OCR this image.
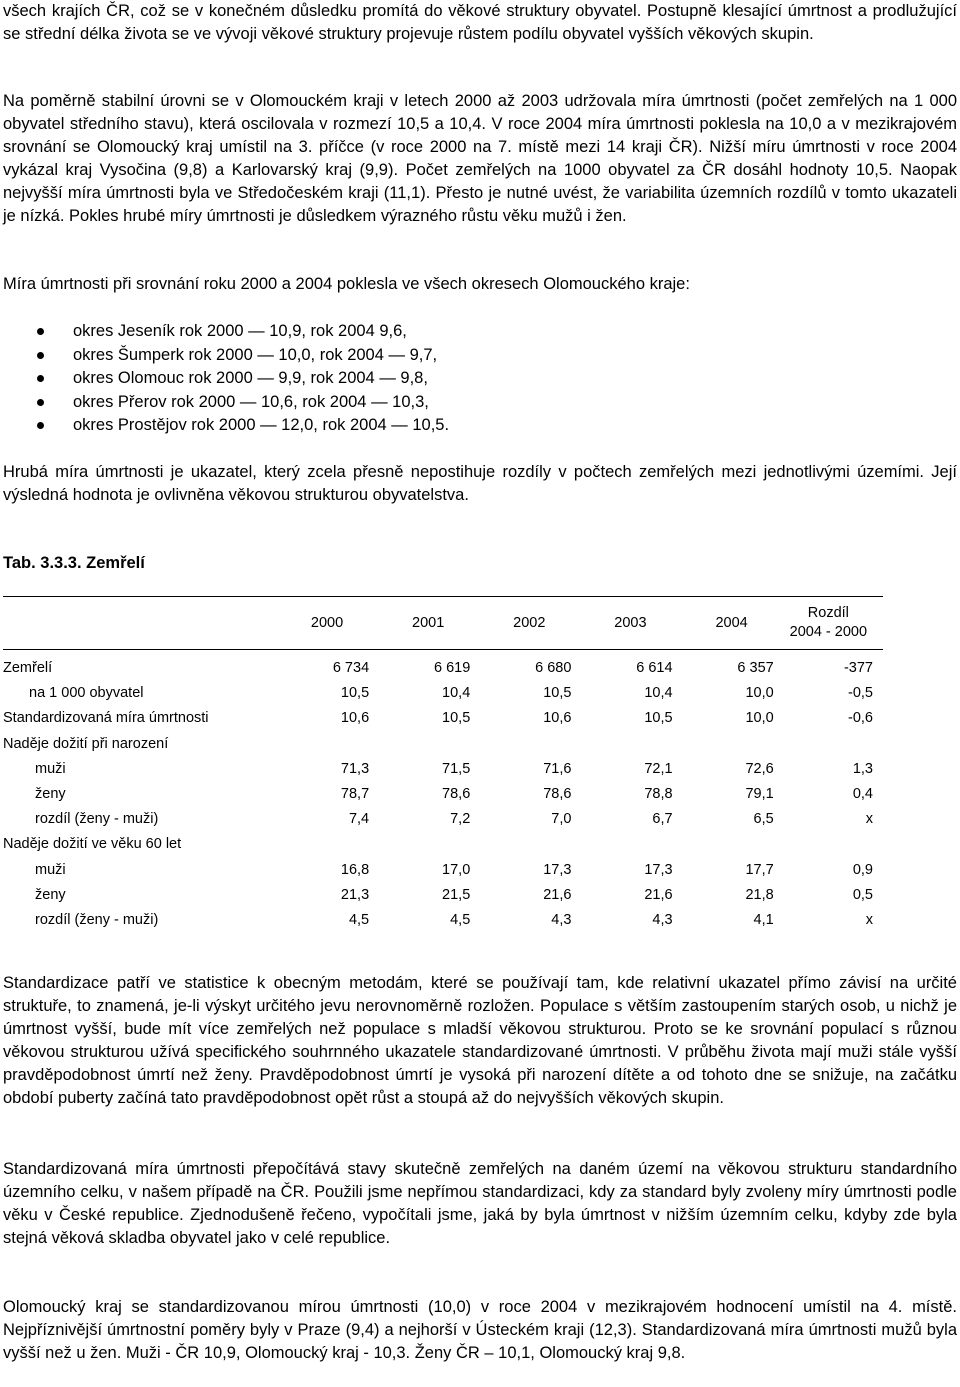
všech krajích ČR, což se v konečném důsledku promítá do věkové struktury obyvatel. Postupně klesající úmrtnost a prodlužující se střední délka života se ve vývoji věkové struktury projevuje růstem podílu obyvatel vyšších věkových skupin.

Na poměrně stabilní úrovni se v Olomouckém kraji v letech 2000 až 2003 udržovala míra úmrtnosti (počet zemřelých na 1 000 obyvatel středního stavu), která oscilovala v rozmezí 10,5 a 10,4. V roce 2004 míra úmrtnosti poklesla na 10,0 a v mezikrajovém srovnání se Olomoucký kraj umístil na 3. příčce (v roce 2000 na 7. místě mezi 14 kraji ČR). Nižší míru úmrtnosti v roce 2004 vykázal kraj Vysočina (9,8) a Karlovarský kraj (9,9). Počet zemřelých na 1000 obyvatel za ČR dosáhl hodnoty 10,5. Naopak nejvyšší míra úmrtnosti byla ve Středočeském kraji (11,1). Přesto je nutné uvést, že variabilita územních rozdílů v tomto ukazateli je nízká. Pokles hrubé míry úmrtnosti je důsledkem výrazného růstu věku mužů i žen.

Míra úmrtnosti při srovnání roku 2000 a 2004 poklesla ve všech okresech Olomouckého kraje:

okres Jeseník rok 2000 — 10,9, rok 2004 9,6,
okres Šumperk rok 2000 — 10,0, rok 2004 — 9,7,
okres Olomouc rok 2000 — 9,9, rok 2004 — 9,8,
okres Přerov rok 2000 — 10,6, rok 2004 — 10,3,
okres Prostějov rok 2000 — 12,0, rok 2004 — 10,5.

Hrubá míra úmrtnosti je ukazatel, který zcela přesně nepostihuje rozdíly v počtech zemřelých mezi jednotlivými územími. Její výsledná hodnota je ovlivněna věkovou strukturou obyvatelstva.

Tab. 3.3.3. Zemřelí
	2000	2001	2002	2003	2004	Rozdíl
2004 - 2000

Zemřelí	6 734	6 619	6 680	6 614	6 357	-377
na 1 000 obyvatel	10,5	10,4	10,5	10,4	10,0	-0,5
Standardizovaná míra úmrtnosti	10,6	10,5	10,6	10,5	10,0	-0,6
Naděje dožití při narození						
muži	71,3	71,5	71,6	72,1	72,6	1,3
ženy	78,7	78,6	78,6	78,8	79,1	0,4
rozdíl (ženy - muži)	7,4	7,2	7,0	6,7	6,5	x
Naděje dožití ve věku 60 let						
muži	16,8	17,0	17,3	17,3	17,7	0,9
ženy	21,3	21,5	21,6	21,6	21,8	0,5
rozdíl (ženy - muži)	4,5	4,5	4,3	4,3	4,1	x

Standardizace patří ve statistice k obecným metodám, které se používají tam, kde relativní ukazatel přímo závisí na určité struktuře, to znamená, je-li výskyt určitého jevu nerovnoměrně rozložen. Populace s větším zastoupením starých osob, u nichž je úmrtnost vyšší, bude mít více zemřelých než populace s mladší věkovou strukturou. Proto se ke srovnání populací s různou věkovou strukturou užívá specifického souhrnného ukazatele standardizované úmrtnosti. V průběhu života mají muži stále vyšší pravděpodobnost úmrtí než ženy. Pravděpodobnost úmrtí je vysoká při narození dítěte a od tohoto dne se snižuje, na začátku období puberty začíná tato pravděpodobnost opět růst a stoupá až do nejvyšších věkových skupin.

Standardizovaná míra úmrtnosti přepočítává stavy skutečně zemřelých na daném území na věkovou strukturu standardního územního celku, v našem případě na ČR. Použili jsme nepřímou standardizaci, kdy za standard byly zvoleny míry úmrtnosti podle věku v České republice. Zjednodušeně řečeno, vypočítali jsme, jaká by byla úmrtnost v nižším územním celku, kdyby zde byla stejná věková skladba obyvatel jako v celé republice.

Olomoucký kraj se standardizovanou mírou úmrtnosti (10,0) v roce 2004 v mezikrajovém hodnocení umístil na 4. místě. Nejpříznivější úmrtnostní poměry byly v Praze (9,4) a nejhorší v Ústeckém kraji (12,3). Standardizovaná míra úmrtnosti mužů byla vyšší než u žen. Muži - ČR 10,9, Olomoucký kraj - 10,3. Ženy ČR – 10,1, Olomoucký kraj 9,8.
